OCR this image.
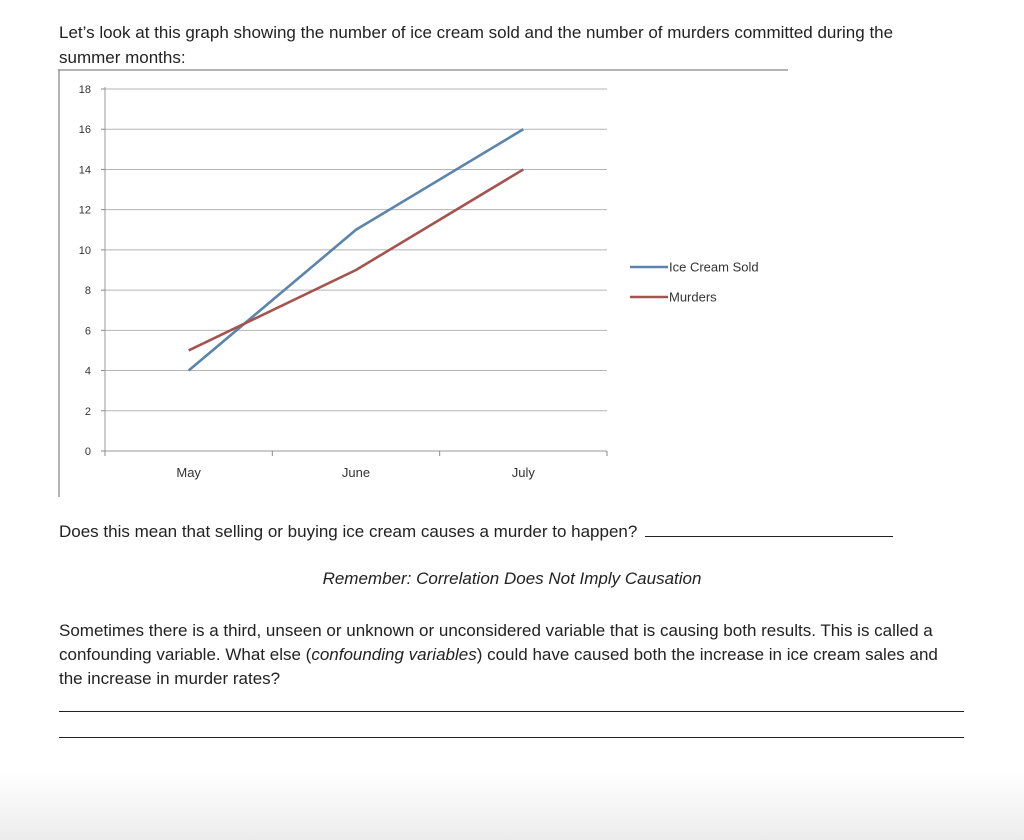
Let’s look at this graph showing the number of ice cream sold and the number of murders committed during the summer months:

0
2
4
6
8
10
12
14
16
18
May	June	July
Ice Cream Sold
Murders

Does this mean that selling or buying ice cream causes a murder to happen?

Remember: Correlation Does Not Imply Causation

Sometimes there is a third, unseen or unknown or unconsidered variable that is causing both results. This is called a confounding variable. What else (confounding variables) could have caused both the increase in ice cream sales and the increase in murder rates?
